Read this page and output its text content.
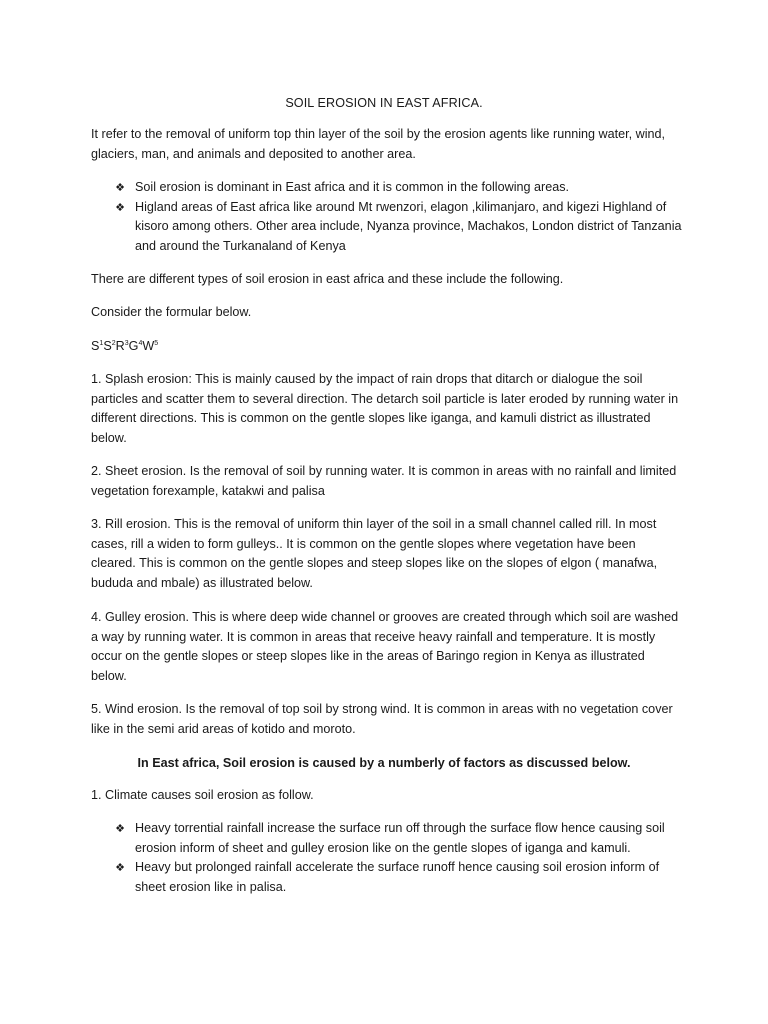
SOIL EROSION IN EAST AFRICA.

It refer to the removal of uniform top thin layer of the soil by the erosion agents like running water, wind, glaciers, man, and animals and deposited to another area.

❖ Soil erosion is dominant in East africa and it is common in the following areas.
❖ Higland areas of East africa like around Mt rwenzori, elagon ,kilimanjaro, and kigezi Highland of kisoro among others. Other area include, Nyanza province, Machakos, London district of Tanzania and around the Turkanaland of Kenya

There are different types of soil erosion in east africa and these include the following.

Consider the formular below.

$S^1S^2R^3G^4W^5$

1. Splash erosion: This is mainly caused by the impact of rain drops that ditarch or dialogue the soil particles and scatter them to several direction. The detarch soil particle is later eroded by running water in different directions. This is common on the gentle slopes like iganga, and kamuli district as illustrated below.

2. Sheet erosion. Is the removal of soil by running water. It is common in areas with no rainfall and limited vegetation forexample, katakwi and palisa

3. Rill erosion. This is the removal of uniform thin layer of the soil in a small channel called rill. In most cases, rill a widen to form gulleys.. It is common on the gentle slopes where vegetation have been cleared. This is common on the gentle slopes and steep slopes like on the slopes of elgon ( manafwa, bududa and mbale) as illustrated below.

4. Gulley erosion. This is where deep wide channel or grooves are created through which soil are washed a way by running water. It is common in areas that receive heavy rainfall and temperature. It is mostly occur on the gentle slopes or steep slopes like in the areas of Baringo region in Kenya as illustrated below.

5. Wind erosion. Is the removal of top soil by strong wind. It is common in areas with no vegetation cover like in the semi arid areas of kotido and moroto.

In East africa, Soil erosion is caused by a numberly of factors as discussed below.

1. Climate causes soil erosion as follow.

❖ Heavy torrential rainfall increase the surface run off through the surface flow hence causing soil erosion inform of sheet and gulley erosion like on the gentle slopes of iganga and kamuli.
❖ Heavy but prolonged rainfall accelerate the surface runoff hence causing soil erosion inform of sheet erosion like in palisa.
